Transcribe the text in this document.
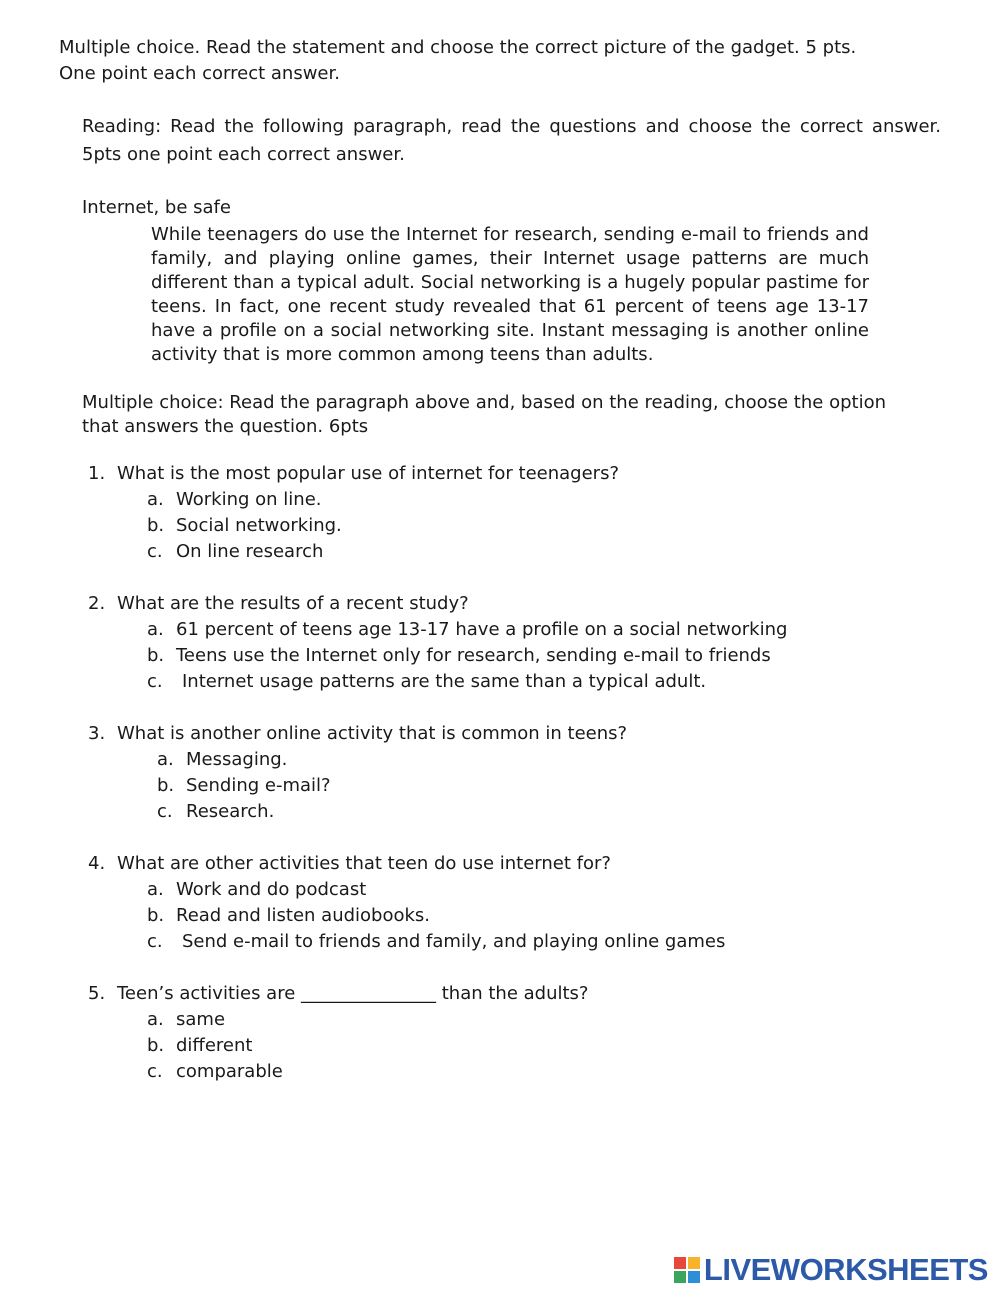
Multiple choice. Read the statement and choose the correct picture of the gadget. 5 pts.
One point each correct answer.
Reading: Read the following paragraph, read the questions and choose the correct answer. 5pts one point each correct answer.
Internet, be safe
While teenagers do use the Internet for research, sending e-mail to friends and family, and playing online games, their Internet usage patterns are much different than a typical adult. Social networking is a hugely popular pastime for teens. In fact, one recent study revealed that 61 percent of teens age 13-17 have a profile on a social networking site. Instant messaging is another online activity that is more common among teens than adults.
Multiple choice: Read the paragraph above and, based on the reading, choose the option
that answers the question. 6pts
1. What is the most popular use of internet for teenagers?
a. Working on line.
b. Social networking.
c. On line research
2. What are the results of a recent study?
a. 61 percent of teens age 13-17 have a profile on a social networking
b. Teens use the Internet only for research, sending e-mail to friends
c. Internet usage patterns are the same than a typical adult.
3. What is another online activity that is common in teens?
a. Messaging.
b. Sending e-mail?
c. Research.
4. What are other activities that teen do use internet for?
a. Work and do podcast
b. Read and listen audiobooks.
c. Send e-mail to friends and family, and playing online games
5. Teen’s activities are _______________ than the adults?
a. same
b. different
c. comparable
LIVEWORKSHEETS
